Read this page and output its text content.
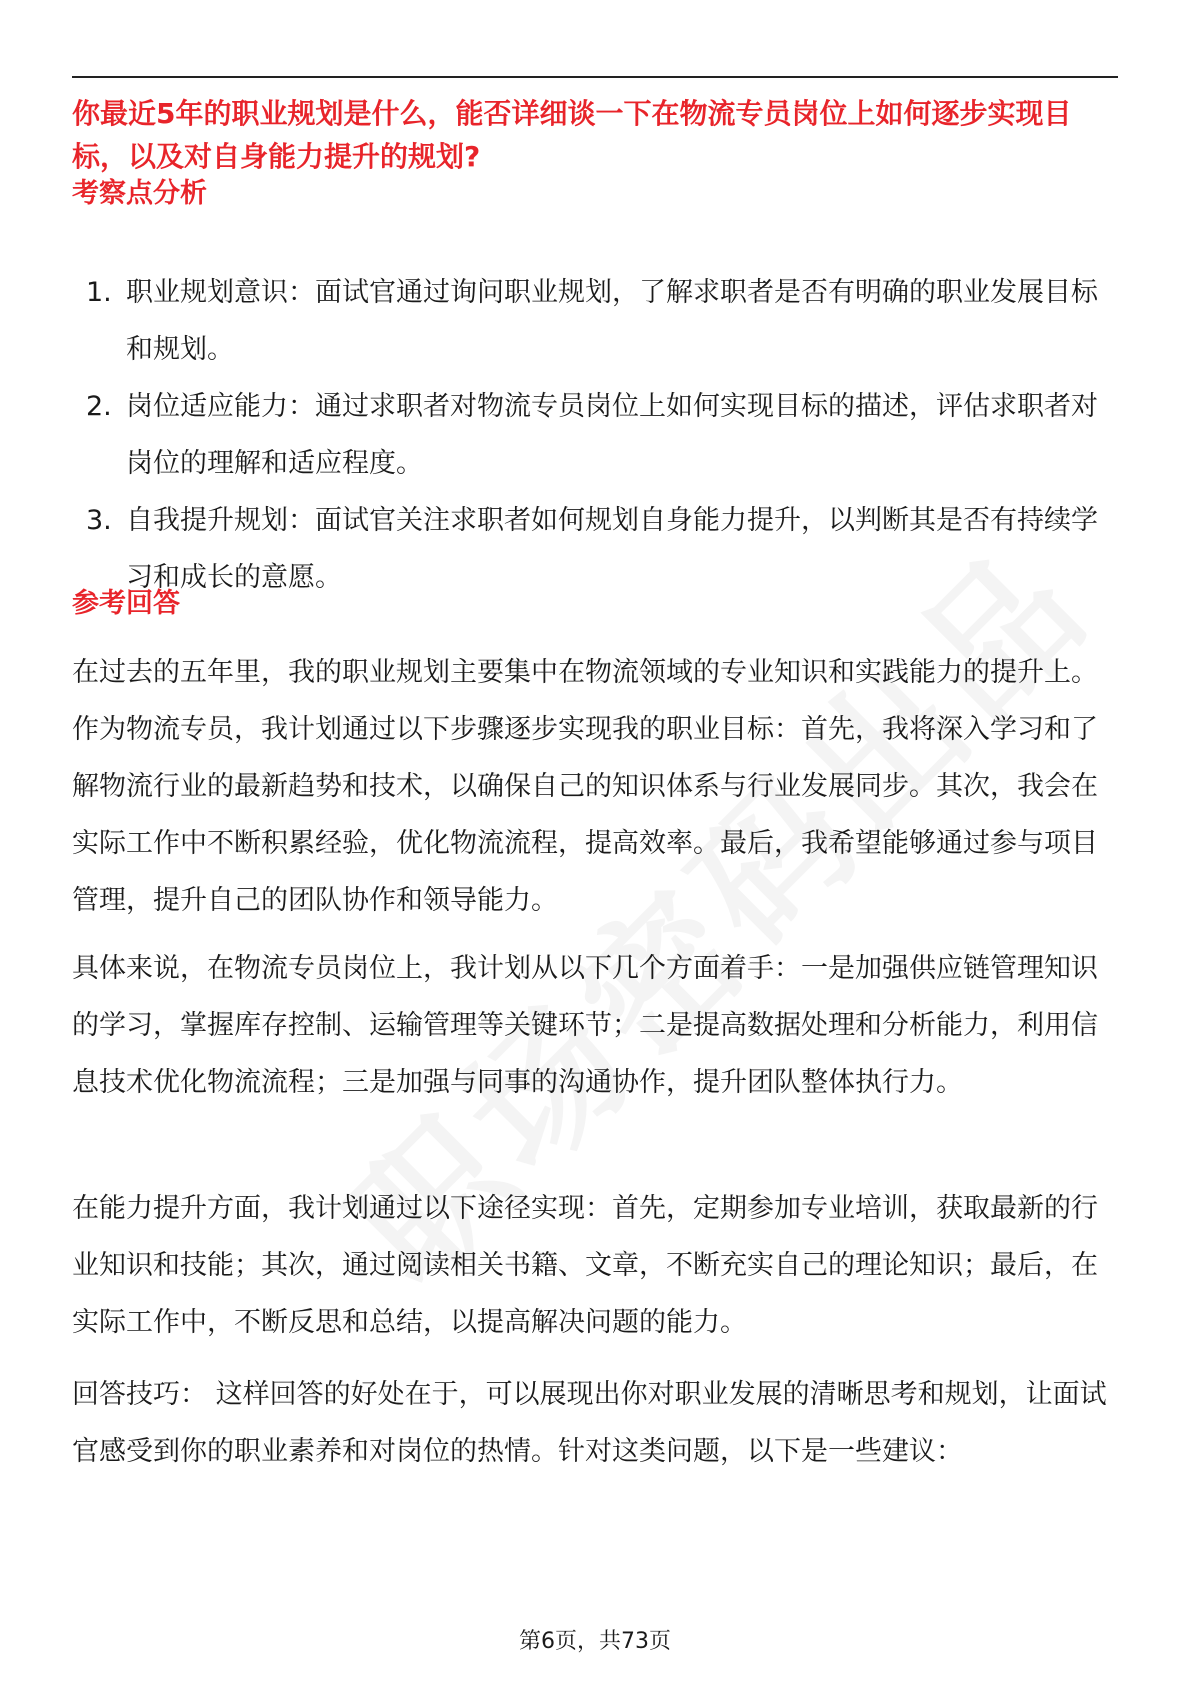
你最近5年的职业规划是什么，能否详细谈一下在物流专员岗位上如何逐步实现目标，以及对自身能力提升的规划?
考察点分析
1. 职业规划意识：面试官通过询问职业规划，了解求职者是否有明确的职业发展目标和规划。
2. 岗位适应能力：通过求职者对物流专员岗位上如何实现目标的描述，评估求职者对岗位的理解和适应程度。
3. 自我提升规划：面试官关注求职者如何规划自身能力提升，以判断其是否有持续学习和成长的意愿。
参考回答

在过去的五年里，我的职业规划主要集中在物流领域的专业知识和实践能力的提升上。作为物流专员，我计划通过以下步骤逐步实现我的职业目标：首先，我将深入学习和了解物流行业的最新趋势和技术，以确保自己的知识体系与行业发展同步。其次，我会在实际工作中不断积累经验，优化物流流程，提高效率。最后，我希望能够通过参与项目管理，提升自己的团队协作和领导能力。

具体来说，在物流专员岗位上，我计划从以下几个方面着手：一是加强供应链管理知识的学习，掌握库存控制、运输管理等关键环节；二是提高数据处理和分析能力，利用信息技术优化物流流程；三是加强与同事的沟通协作，提升团队整体执行力。

在能力提升方面，我计划通过以下途径实现：首先，定期参加专业培训，获取最新的行业知识和技能；其次，通过阅读相关书籍、文章，不断充实自己的理论知识；最后，在实际工作中，不断反思和总结，以提高解决问题的能力。

回答技巧： 这样回答的好处在于，可以展现出你对职业发展的清晰思考和规划，让面试官感受到你的职业素养和对岗位的热情。针对这类问题，以下是一些建议：

第6页，共73页
